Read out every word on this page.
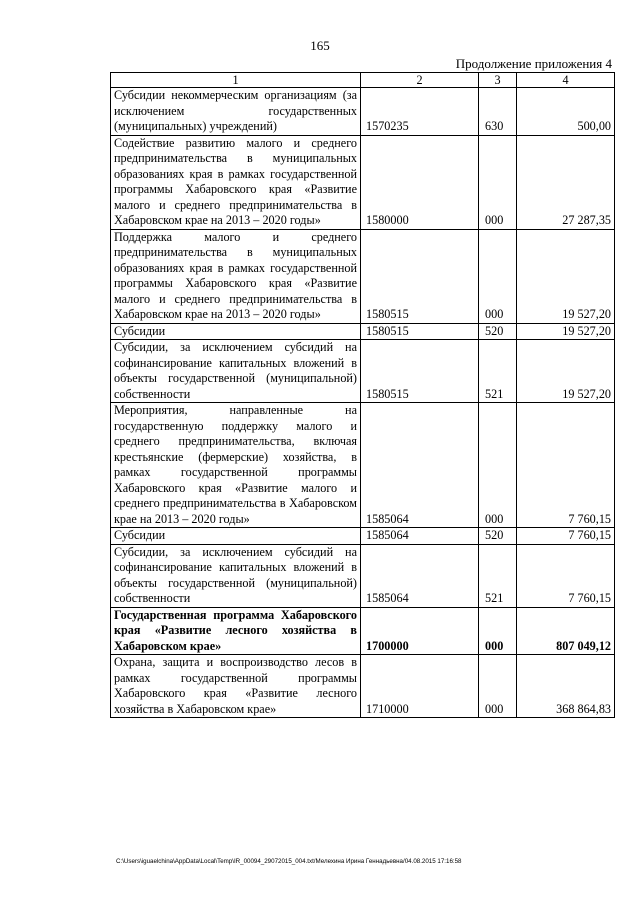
165
Продолжение приложения 4
1	2	3	4
Субсидии некоммерческим организациям (за исключением государственных (муниципальных) учреждений)	1570235	630	500,00
Содействие развитию малого и среднего предпринимательства в муниципальных образованиях края в рамках государственной программы Хабаровского края «Развитие малого и среднего предпринимательства в Хабаровском крае на 2013 – 2020 годы»	1580000	000	27 287,35
Поддержка малого и среднего предпринимательства в муниципальных образованиях края в рамках государственной программы Хабаровского края «Развитие малого и среднего предпринимательства в Хабаровском крае на 2013 – 2020 годы»	1580515	000	19 527,20
Субсидии	1580515	520	19 527,20
Субсидии, за исключением субсидий на софинансирование капитальных вложений в объекты государственной (муниципальной) собственности	1580515	521	19 527,20
Мероприятия, направленные на государственную поддержку малого и среднего предпринимательства, включая крестьянские (фермерские) хозяйства, в рамках государственной программы Хабаровского края «Развитие малого и среднего предпринимательства в Хабаровском крае на 2013 – 2020 годы»	1585064	000	7 760,15
Субсидии	1585064	520	7 760,15
Субсидии, за исключением субсидий на софинансирование капитальных вложений в объекты государственной (муниципальной) собственности	1585064	521	7 760,15
Государственная программа Хабаровского края «Развитие лесного хозяйства в Хабаровском крае»	1700000	000	807 049,12
Охрана, защита и воспроизводство лесов в рамках государственной программы Хабаровского края «Развитие лесного хозяйства в Хабаровском крае»	1710000	000	368 864,83
C:\Users\iguaelchina\AppData\Local\Temp\IR_00094_29072015_004.txt/Мелехина Ирина Геннадьевна/04.08.2015 17:16:58
